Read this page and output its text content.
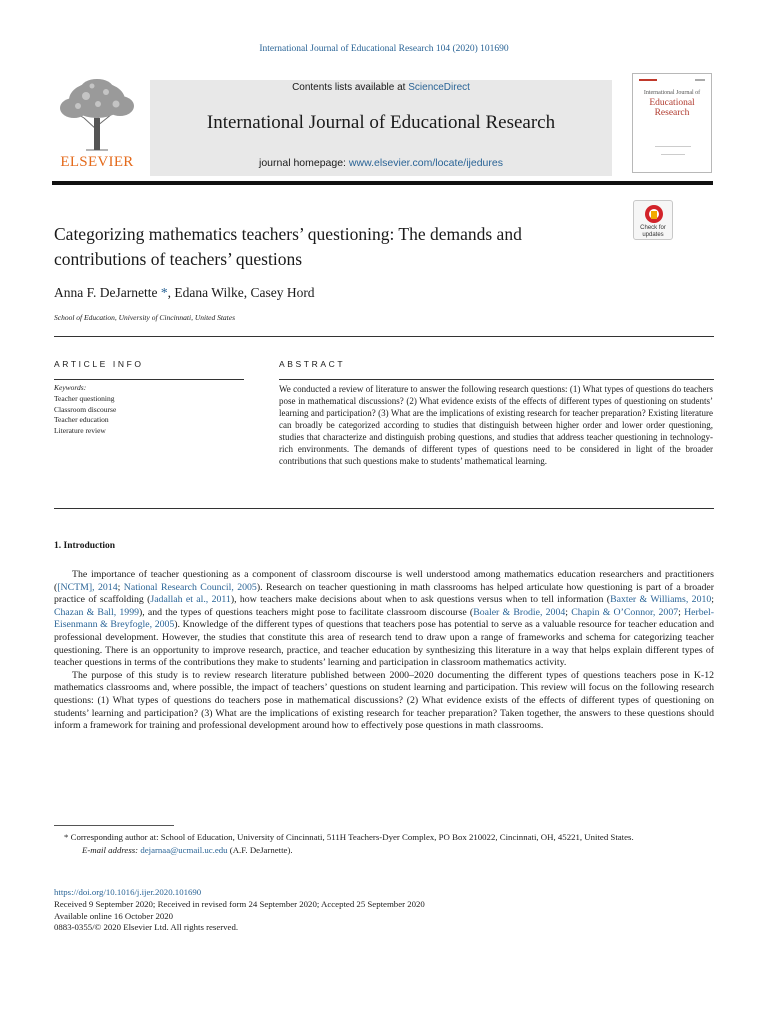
International Journal of Educational Research 104 (2020) 101690
ELSEVIER
Contents lists available at ScienceDirect
International Journal of Educational Research
journal homepage: www.elsevier.com/locate/ijedures
International Journal of
Educational Research
Check for
updates
Categorizing mathematics teachers’ questioning: The demands and contributions of teachers’ questions
Anna F. DeJarnette *, Edana Wilke, Casey Hord
School of Education, University of Cincinnati, United States
ARTICLE INFO	ABSTRACT
Keywords:
Teacher questioning
Classroom discourse
Teacher education
Literature review
We conducted a review of literature to answer the following research questions: (1) What types of questions do teachers pose in mathematical discussions? (2) What evidence exists of the effects of different types of questioning on students’ learning and participation? (3) What are the implications of existing research for teacher preparation? Existing literature can broadly be categorized according to studies that distinguish between higher order and lower order questioning, studies that characterize and distinguish probing questions, and studies that address teacher questioning in technology-rich environments. The demands of different types of questions need to be considered in light of the broader contributions that such questions make to students’ mathematical learning.
1. Introduction

The importance of teacher questioning as a component of classroom discourse is well understood among mathematics education researchers and practitioners ([NCTM], 2014; National Research Council, 2005). Research on teacher questioning in math classrooms has helped articulate how questioning is part of a broader practice of scaffolding (Jadallah et al., 2011), how teachers make decisions about when to ask questions versus when to tell information (Baxter & Williams, 2010; Chazan & Ball, 1999), and the types of questions teachers might pose to facilitate classroom discourse (Boaler & Brodie, 2004; Chapin & O’Connor, 2007; Herbel-Eisenmann & Breyfogle, 2005). Knowledge of the different types of questions that teachers pose has potential to serve as a valuable resource for teacher education and professional development. However, the studies that constitute this area of research tend to draw upon a range of frameworks and schema for categorizing teacher questioning. There is an opportunity to improve research, practice, and teacher education by synthesizing this literature in a way that helps explain different types of teacher questions in terms of the contributions they make to students’ learning and participation in classroom mathematics activity.

The purpose of this study is to review research literature published between 2000–2020 documenting the different types of questions teachers pose in K-12 mathematics classrooms and, where possible, the impact of teachers’ questions on student learning and participation. This review will focus on the following research questions: (1) What types of questions do teachers pose in mathematical discussions? (2) What evidence exists of the effects of different types of questioning on students’ learning and participation? (3) What are the implications of existing research for teacher preparation? Taken together, the answers to these questions should inform a framework for training and professional development around how to effectively pose questions in math classrooms.

* Corresponding author at: School of Education, University of Cincinnati, 511H Teachers-Dyer Complex, PO Box 210022, Cincinnati, OH, 45221, United States.
E-mail address: dejarnaa@ucmail.uc.edu (A.F. DeJarnette).
https://doi.org/10.1016/j.ijer.2020.101690
Received 9 September 2020; Received in revised form 24 September 2020; Accepted 25 September 2020
Available online 16 October 2020
0883-0355/© 2020 Elsevier Ltd. All rights reserved.
